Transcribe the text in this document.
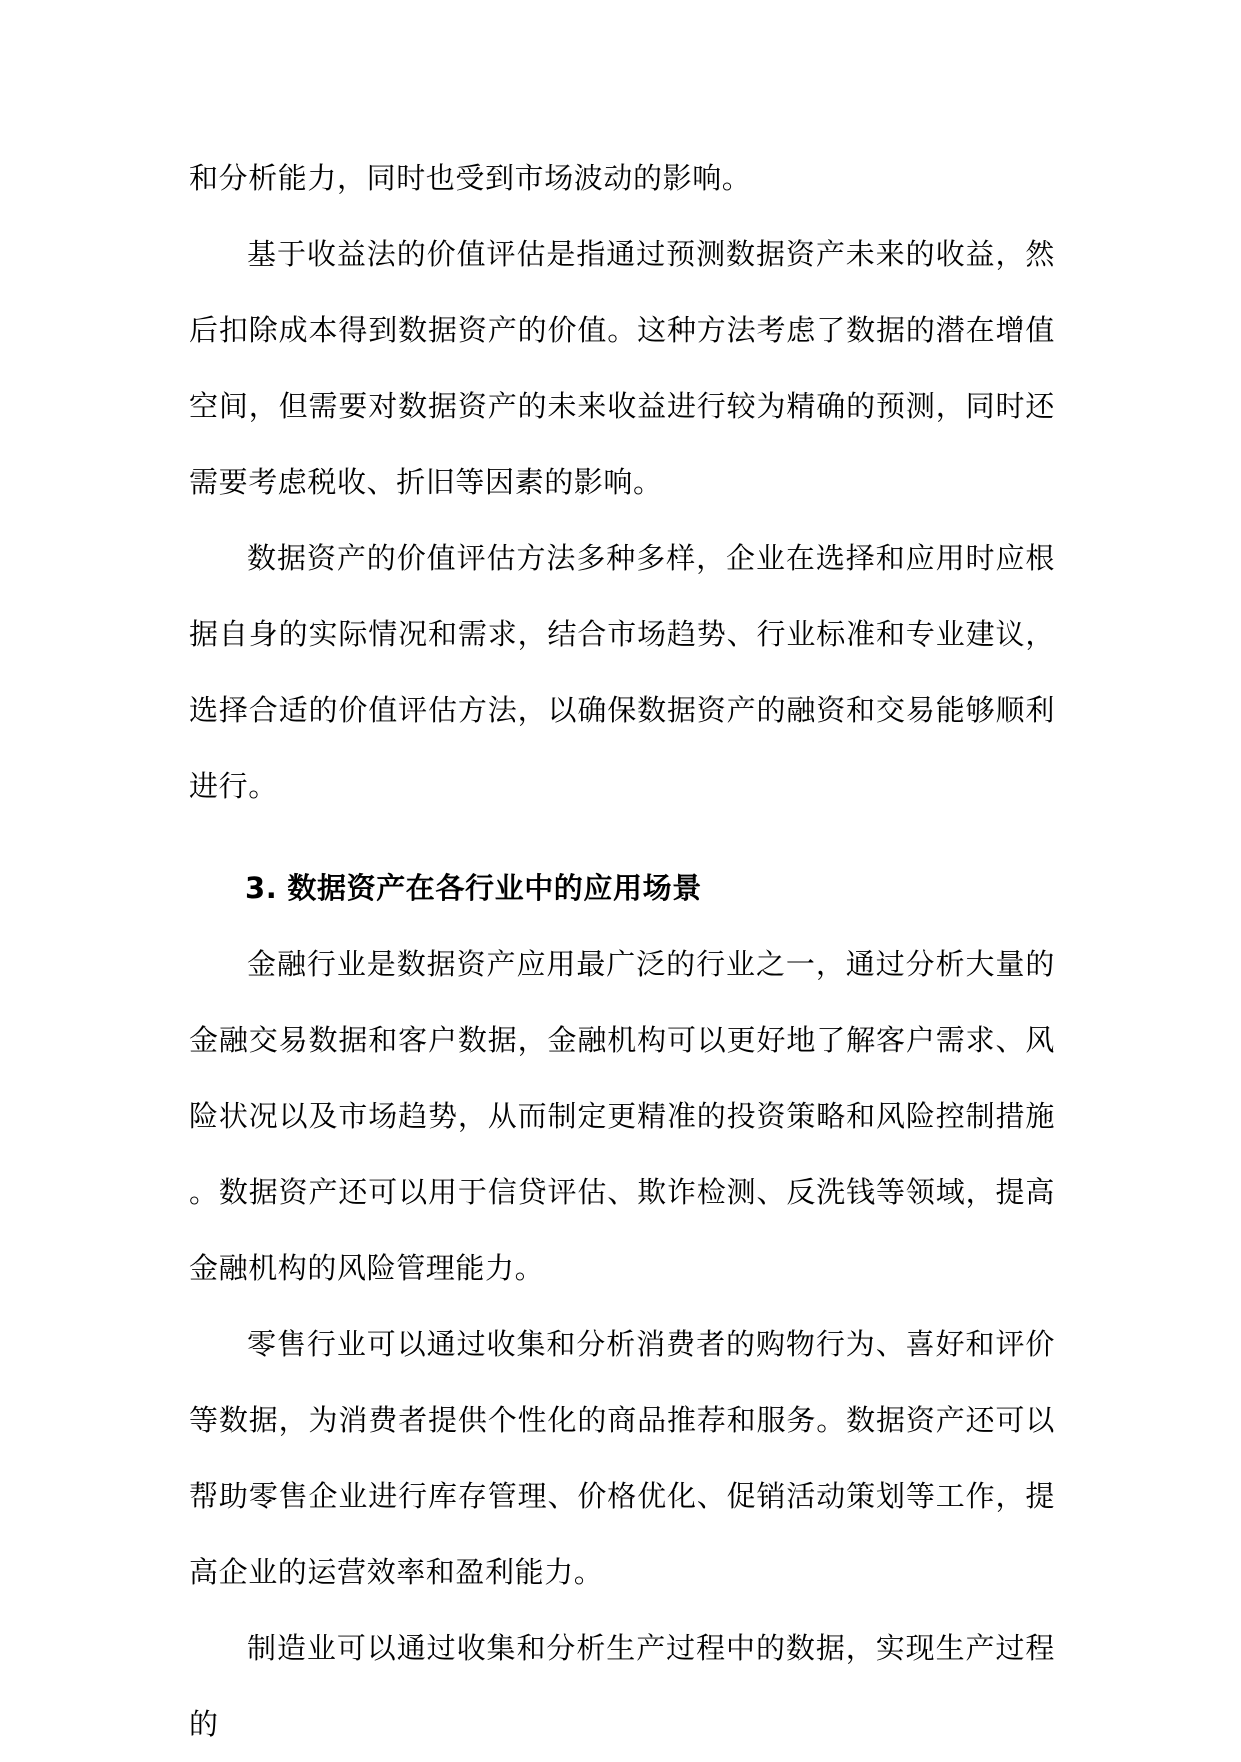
和分析能力，同时也受到市场波动的影响。

基于收益法的价值评估是指通过预测数据资产未来的收益，然后扣除成本得到数据资产的价值。这种方法考虑了数据的潜在增值空间，但需要对数据资产的未来收益进行较为精确的预测，同时还需要考虑税收、折旧等因素的影响。

数据资产的价值评估方法多种多样，企业在选择和应用时应根据自身的实际情况和需求，结合市场趋势、行业标准和专业建议，选择合适的价值评估方法，以确保数据资产的融资和交易能够顺利进行。

3. 数据资产在各行业中的应用场景

金融行业是数据资产应用最广泛的行业之一，通过分析大量的金融交易数据和客户数据，金融机构可以更好地了解客户需求、风险状况以及市场趋势，从而制定更精准的投资策略和风险控制措施。数据资产还可以用于信贷评估、欺诈检测、反洗钱等领域，提高金融机构的风险管理能力。

零售行业可以通过收集和分析消费者的购物行为、喜好和评价等数据，为消费者提供个性化的商品推荐和服务。数据资产还可以帮助零售企业进行库存管理、价格优化、促销活动策划等工作，提高企业的运营效率和盈利能力。

制造业可以通过收集和分析生产过程中的数据，实现生产过程的
